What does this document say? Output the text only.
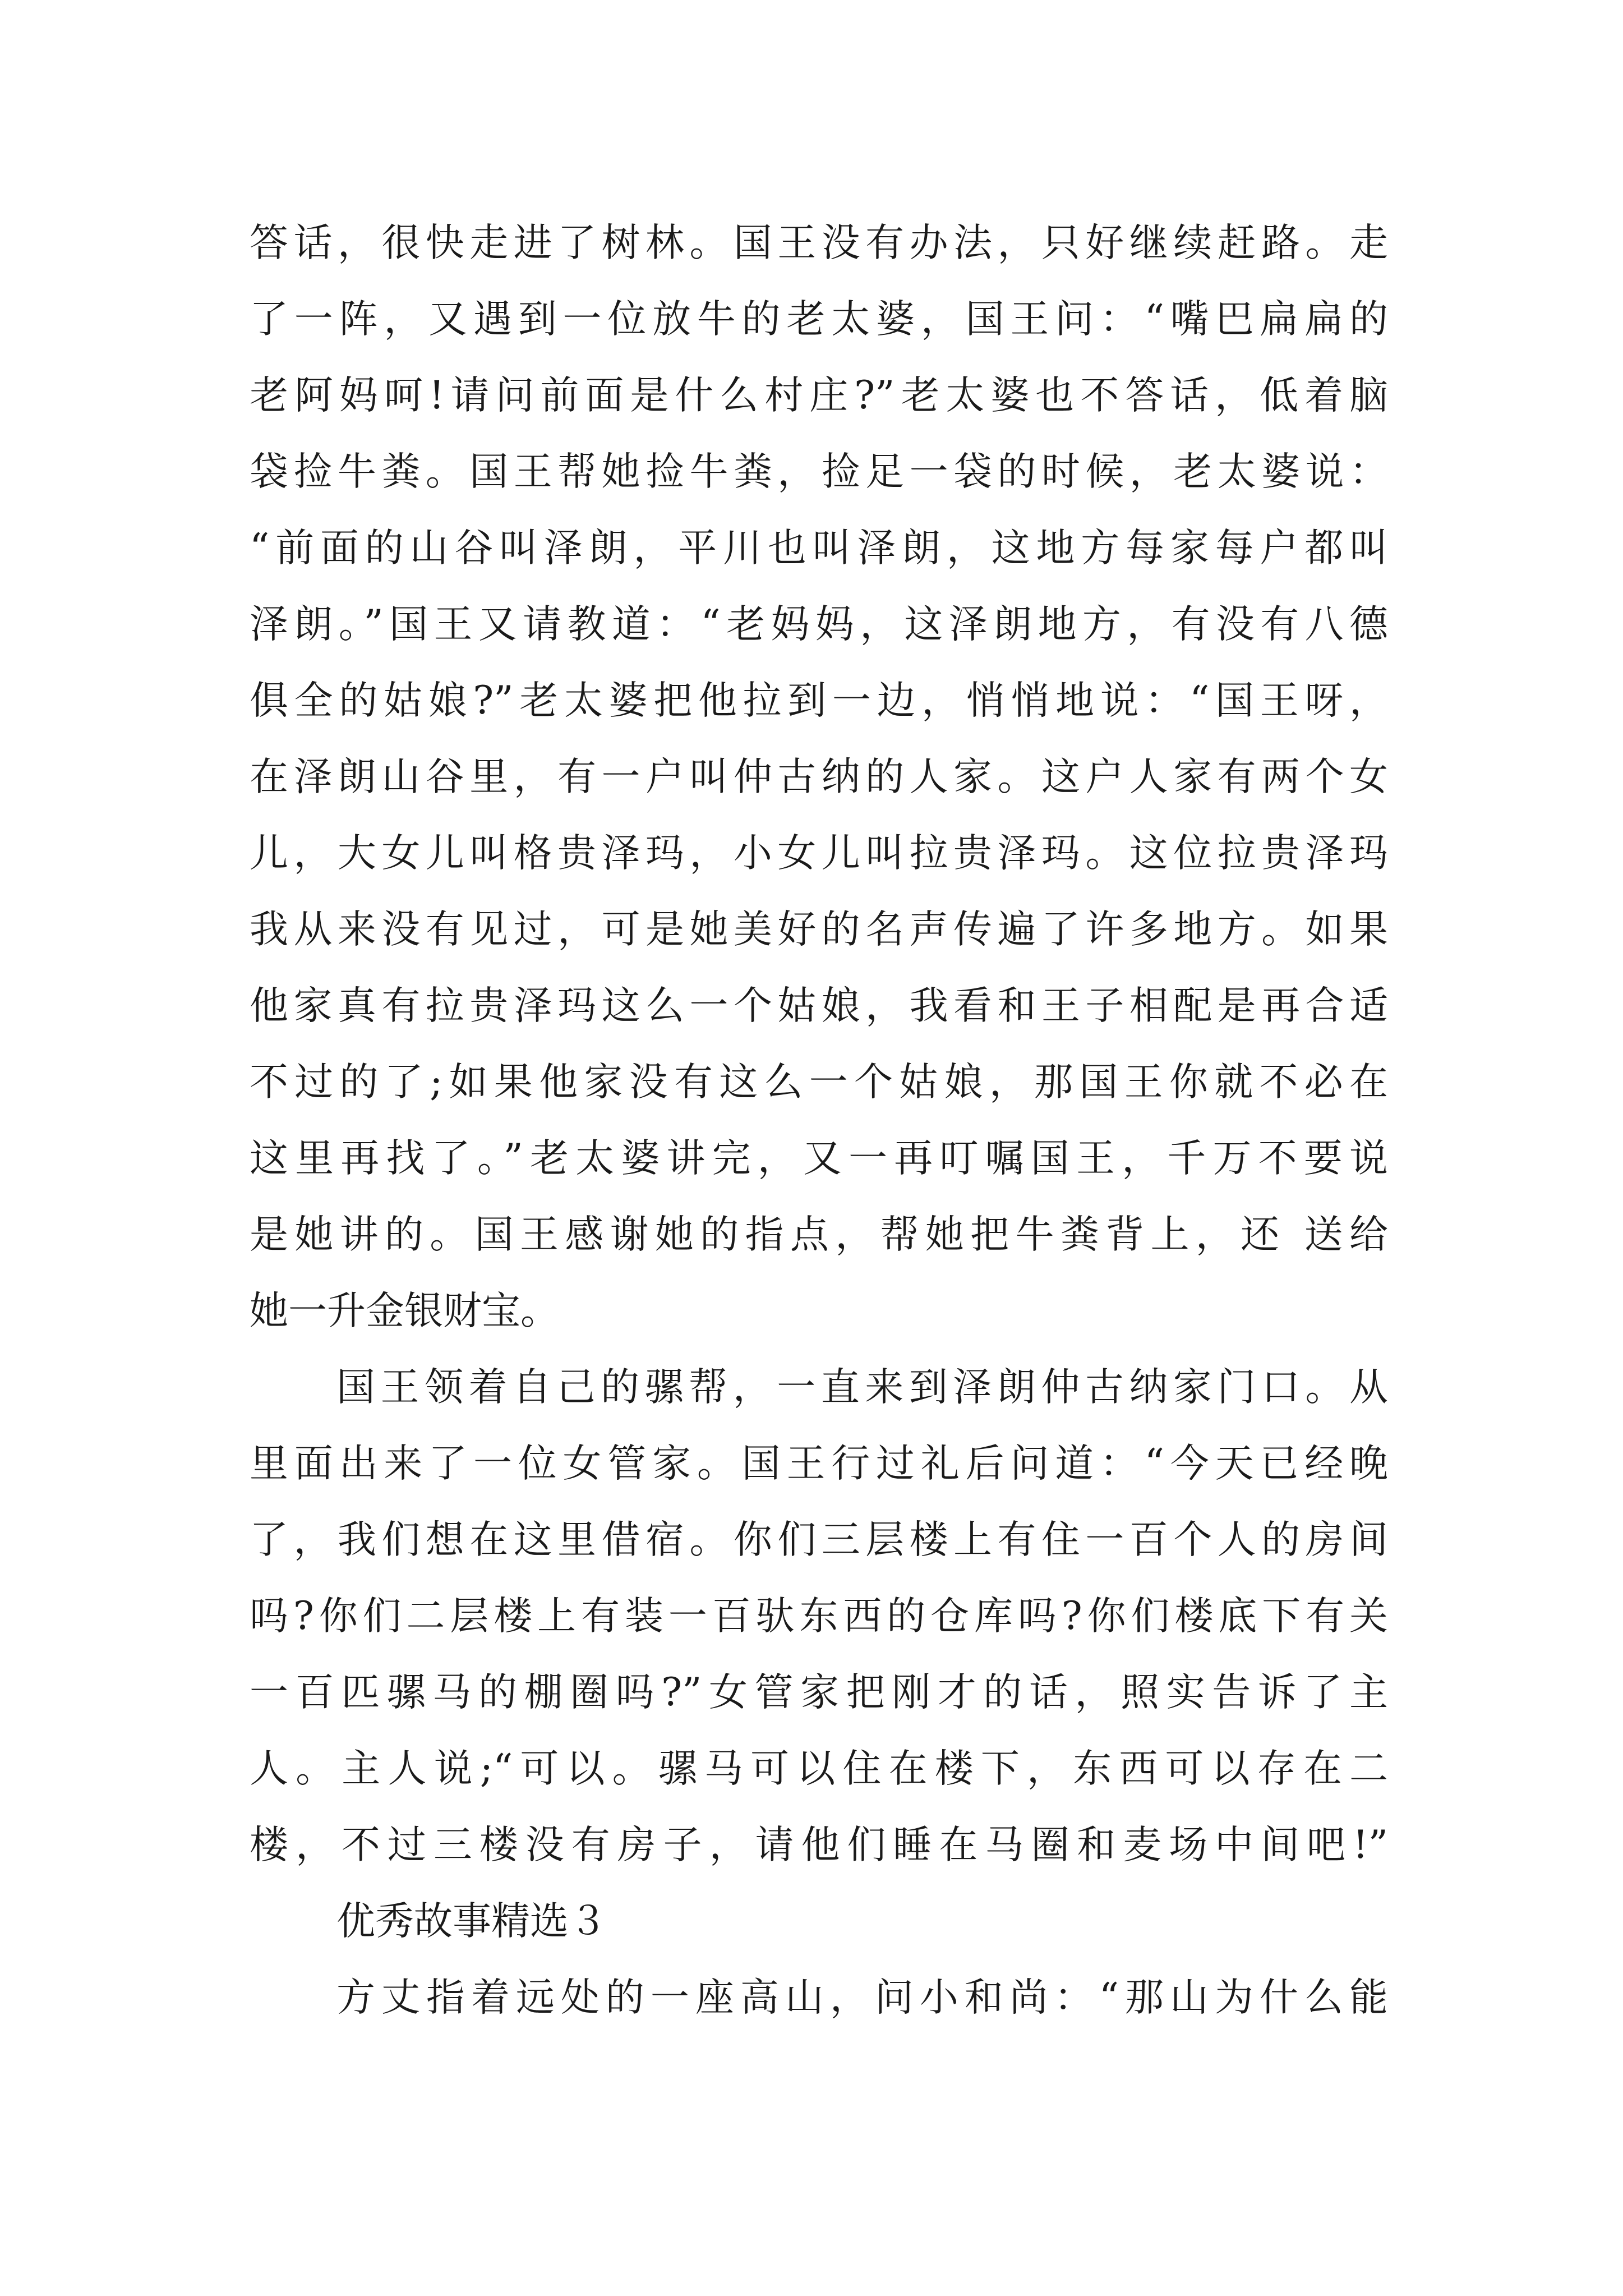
答话，很快走进了树林。国王没有办法，只好继续赶路。走
了一阵，又遇到一位放牛的老太婆，国王问：“嘴巴扁扁的
老阿妈呵!请问前面是什么村庄?”老太婆也不答话，低着脑
袋捡牛粪。国王帮她捡牛粪，捡足一袋的时候，老太婆说：
“前面的山谷叫泽朗，平川也叫泽朗，这地方每家每户都叫
泽朗。”国王又请教道：“老妈妈，这泽朗地方，有没有八德
俱全的姑娘?”老太婆把他拉到一边，悄悄地说：“国王呀，
在泽朗山谷里，有一户叫仲古纳的人家。这户人家有两个女
儿，大女儿叫格贵泽玛，小女儿叫拉贵泽玛。这位拉贵泽玛
我从来没有见过，可是她美好的名声传遍了许多地方。如果
他家真有拉贵泽玛这么一个姑娘，我看和王子相配是再合适
不过的了;如果他家没有这么一个姑娘，那国王你就不必在
这里再找了。”老太婆讲完，又一再叮嘱国王，千万不要说
是她讲的。国王感谢她的指点，帮她把牛粪背上，还 送给
她一升金银财宝。
国王领着自己的骡帮，一直来到泽朗仲古纳家门口。从
里面出来了一位女管家。国王行过礼后问道：“今天已经晚
了，我们想在这里借宿。你们三层楼上有住一百个人的房间
吗?你们二层楼上有装一百驮东西的仓库吗?你们楼底下有关
一百匹骡马的棚圈吗?”女管家把刚才的话，照实告诉了主
人。主人说;“可以。骡马可以住在楼下，东西可以存在二
楼，不过三楼没有房子，请他们睡在马圈和麦场中间吧!”
优秀故事精选３
方丈指着远处的一座高山，问小和尚：“那山为什么能
